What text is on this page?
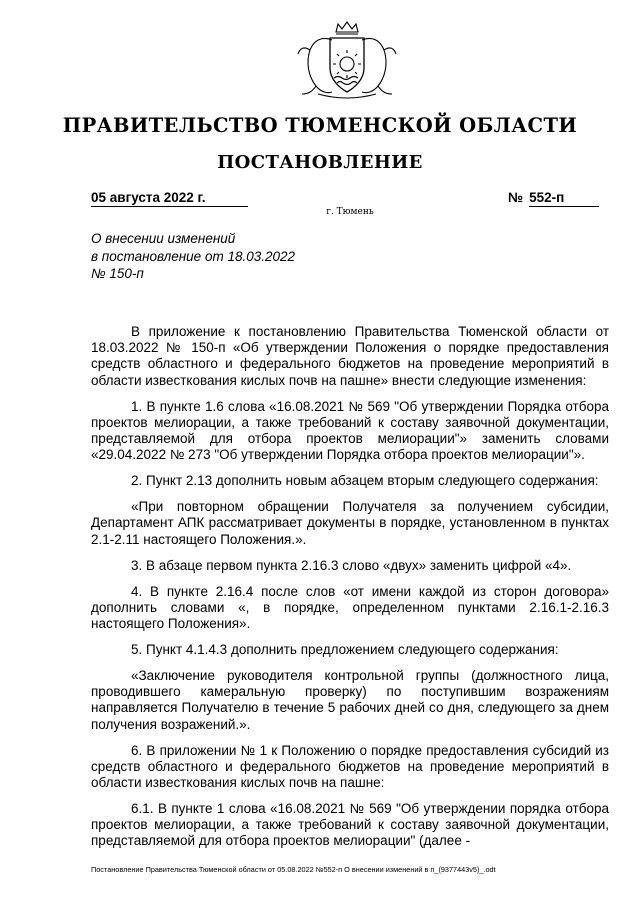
ПРАВИТЕЛЬСТВО ТЮМЕНСКОЙ ОБЛАСТИ
ПОСТАНОВЛЕНИЕ
05 августа 2022 г.	№ 552-п
г. Тюмень
О внесении изменений
в постановление от 18.03.2022
№ 150-п

В приложение к постановлению Правительства Тюменской области от 18.03.2022 № 150-п «Об утверждении Положения о порядке предоставления средств областного и федерального бюджетов на проведение мероприятий в области известкования кислых почв на пашне» внести следующие изменения:

1. В пункте 1.6 слова «16.08.2021 № 569 "Об утверждении Порядка отбора проектов мелиорации, а также требований к составу заявочной документации, представляемой для отбора проектов мелиорации"» заменить словами «29.04.2022 № 273 "Об утверждении Порядка отбора проектов мелиорации"».

2. Пункт 2.13 дополнить новым абзацем вторым следующего содержания:

«При повторном обращении Получателя за получением субсидии, Департамент АПК рассматривает документы в порядке, установленном в пунктах 2.1-2.11 настоящего Положения.».

3. В абзаце первом пункта 2.16.3 слово «двух» заменить цифрой «4».

4. В пункте 2.16.4 после слов «от имени каждой из сторон договора» дополнить словами «, в порядке, определенном пунктами 2.16.1-2.16.3 настоящего Положения».

5. Пункт 4.1.4.3 дополнить предложением следующего содержания:

«Заключение руководителя контрольной группы (должностного лица, проводившего камеральную проверку) по поступившим возражениям направляется Получателю в течение 5 рабочих дней со дня, следующего за днем получения возражений.».

6. В приложении № 1 к Положению о порядке предоставления субсидий из средств областного и федерального бюджетов на проведение мероприятий в области известкования кислых почв на пашне:

6.1. В пункте 1 слова «16.08.2021 № 569 "Об утверждении порядка отбора проектов мелиорации, а также требований к составу заявочной документации, представляемой для отбора проектов мелиорации" (далее -

Постановление Правительства Тюменской области от 05.08.2022 №552-п О внесении изменений в п_(9377443v5)_.odt
